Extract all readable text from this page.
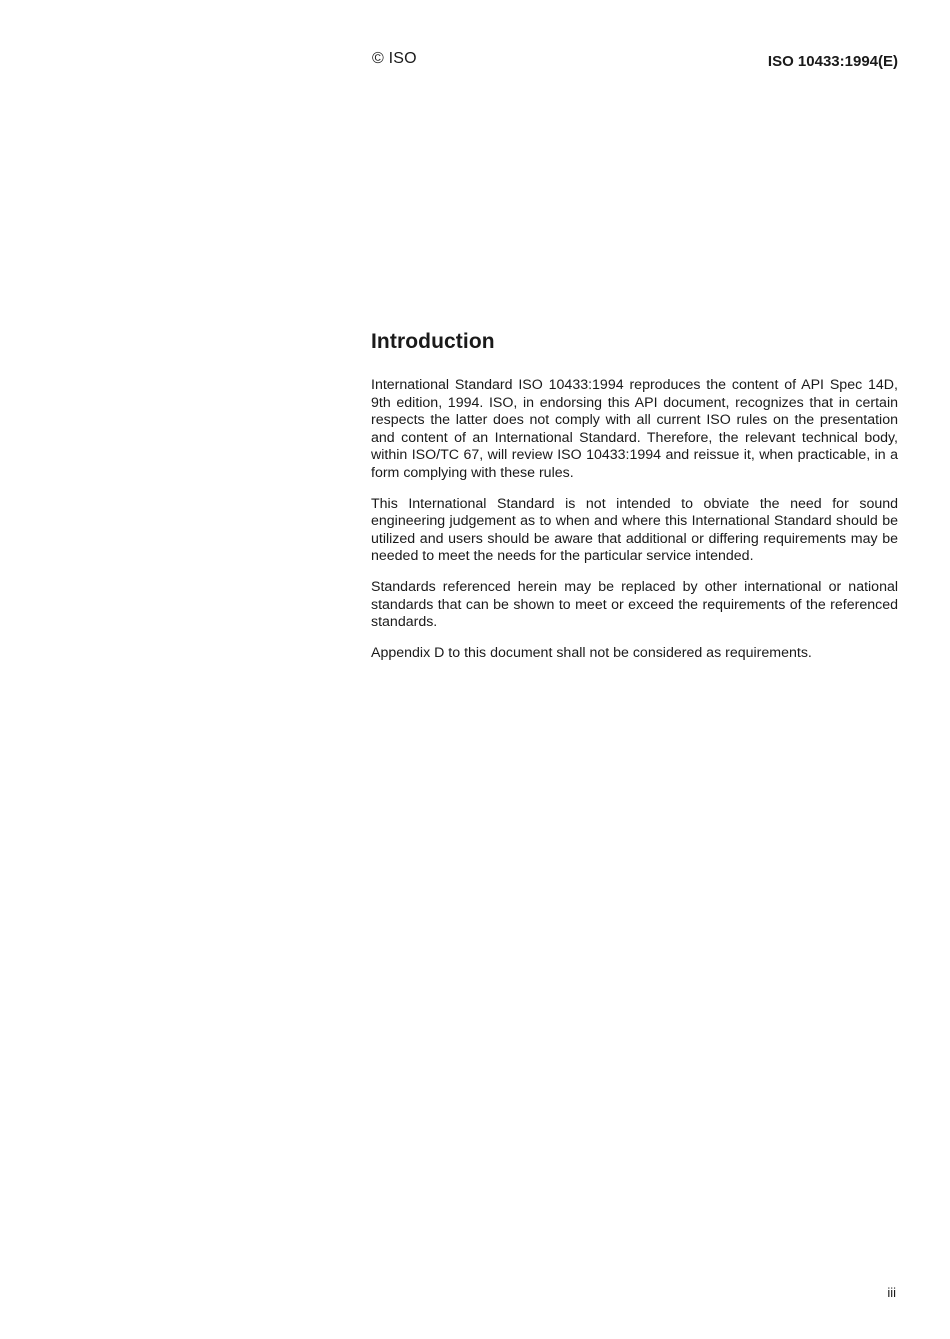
© ISO	ISO 10433:1994(E)
Introduction

International Standard ISO 10433:1994 reproduces the content of API Spec 14D, 9th edition, 1994. ISO, in endorsing this API document, recognizes that in certain respects the latter does not comply with all current ISO rules on the presentation and content of an International Standard. Therefore, the relevant technical body, within ISO/TC 67, will review ISO 10433:1994 and reissue it, when practicable, in a form complying with these rules.

This International Standard is not intended to obviate the need for sound engineering judgement as to when and where this International Standard should be utilized and users should be aware that additional or differing requirements may be needed to meet the needs for the particular service intended.

Standards referenced herein may be replaced by other international or national standards that can be shown to meet or exceed the requirements of the referenced standards.

Appendix D to this document shall not be considered as requirements.

iii
